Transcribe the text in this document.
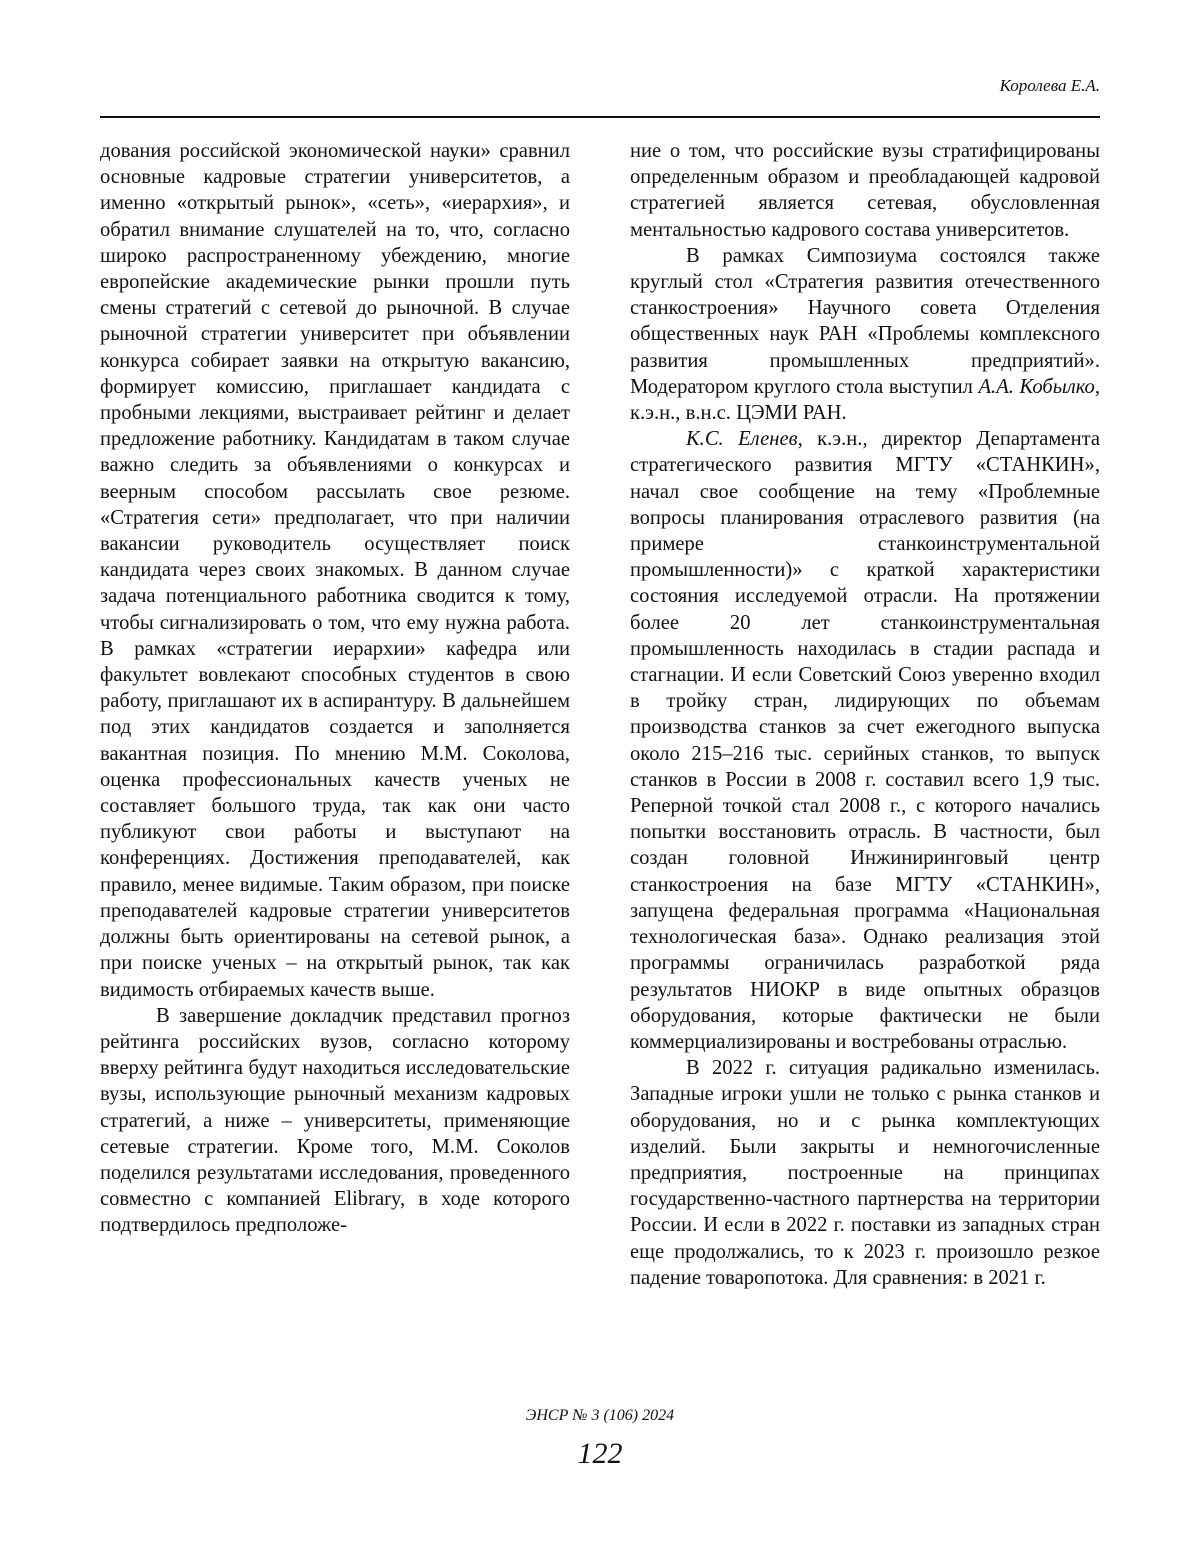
Королева Е.А.

дования российской экономической науки» сравнил основные кадровые стратегии университетов, а именно «открытый рынок», «сеть», «иерархия», и обратил внимание слушателей на то, что, согласно широко распространенному убеждению, многие европейские академические рынки прошли путь смены стратегий с сетевой до рыночной. В случае рыночной стратегии университет при объявлении конкурса собирает заявки на открытую вакансию, формирует комиссию, приглашает кандидата с пробными лекциями, выстраивает рейтинг и делает предложение работнику. Кандидатам в таком случае важно следить за объявлениями о конкурсах и веерным способом рассылать свое резюме. «Стратегия сети» предполагает, что при наличии вакансии руководитель осуществляет поиск кандидата через своих знакомых. В данном случае задача потенциального работника сводится к тому, чтобы сигнализировать о том, что ему нужна работа. В рамках «стратегии иерархии» кафедра или факультет вовлекают способных студентов в свою работу, приглашают их в аспирантуру. В дальнейшем под этих кандидатов создается и заполняется вакантная позиция. По мнению М.М. Соколова, оценка профессиональных качеств ученых не составляет большого труда, так как они часто публикуют свои работы и выступают на конференциях. Достижения преподавателей, как правило, менее видимые. Таким образом, при поиске преподавателей кадровые стратегии университетов должны быть ориентированы на сетевой рынок, а при поиске ученых – на открытый рынок, так как видимость отбираемых качеств выше.

В завершение докладчик представил прогноз рейтинга российских вузов, согласно которому вверху рейтинга будут находиться исследовательские вузы, использующие рыночный механизм кадровых стратегий, а ниже – университеты, применяющие сетевые стратегии. Кроме того, М.М. Соколов поделился результатами исследования, проведенного совместно с компанией Elibrary, в ходе которого подтвердилось предположе-

ние о том, что российские вузы стратифицированы определенным образом и преобладающей кадровой стратегией является сетевая, обусловленная ментальностью кадрового состава университетов.

В рамках Симпозиума состоялся также круглый стол «Стратегия развития отечественного станкостроения» Научного совета Отделения общественных наук РАН «Проблемы комплексного развития промышленных предприятий». Модератором круглого стола выступил А.А. Кобылко, к.э.н., в.н.с. ЦЭМИ РАН.

К.С. Еленев, к.э.н., директор Департамента стратегического развития МГТУ «СТАНКИН», начал свое сообщение на тему «Проблемные вопросы планирования отраслевого развития (на примере станкоинструментальной промышленности)» с краткой характеристики состояния исследуемой отрасли. На протяжении более 20 лет станкоинструментальная промышленность находилась в стадии распада и стагнации. И если Советский Союз уверенно входил в тройку стран, лидирующих по объемам производства станков за счет ежегодного выпуска около 215–216 тыс. серийных станков, то выпуск станков в России в 2008 г. составил всего 1,9 тыс. Реперной точкой стал 2008 г., с которого начались попытки восстановить отрасль. В частности, был создан головной Инжиниринговый центр станкостроения на базе МГТУ «СТАНКИН», запущена федеральная программа «Национальная технологическая база». Однако реализация этой программы ограничилась разработкой ряда результатов НИОКР в виде опытных образцов оборудования, которые фактически не были коммерциализированы и востребованы отраслью.

В 2022 г. ситуация радикально изменилась. Западные игроки ушли не только с рынка станков и оборудования, но и с рынка комплектующих изделий. Были закрыты и немногочисленные предприятия, построенные на принципах государственно-частного партнерства на территории России. И если в 2022 г. поставки из западных стран еще продолжались, то к 2023 г. произошло резкое падение товаропотока. Для сравнения: в 2021 г.

ЭНСР № 3 (106) 2024
122
